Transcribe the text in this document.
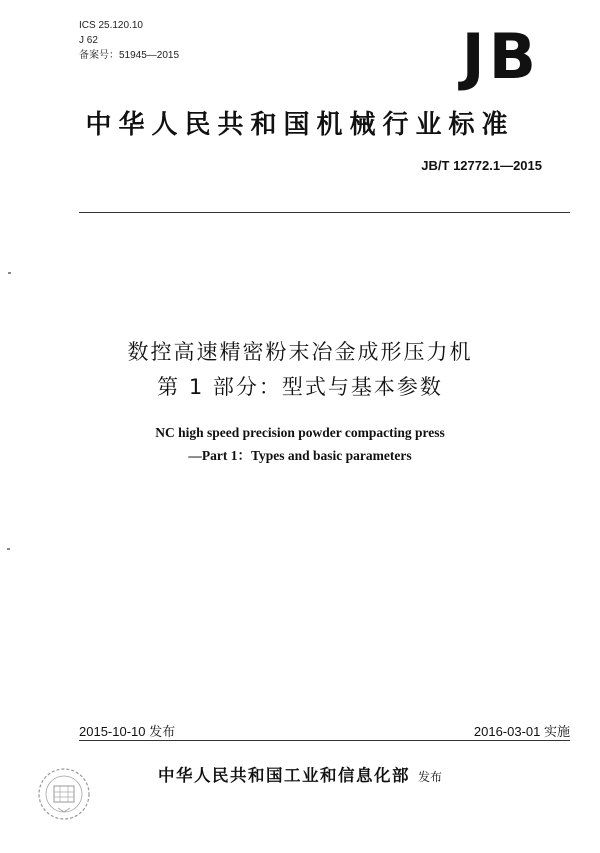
ICS 25.120.10
J 62
备案号：51945—2015	JB
中华人民共和国机械行业标准
JB/T 12772.1—2015
数控高速精密粉末冶金成形压力机
第 1 部分：型式与基本参数
NC high speed precision powder compacting press
—Part 1：Types and basic parameters
2015-10-10 发布	2016-03-01 实施
中华人民共和国工业和信息化部 发布
